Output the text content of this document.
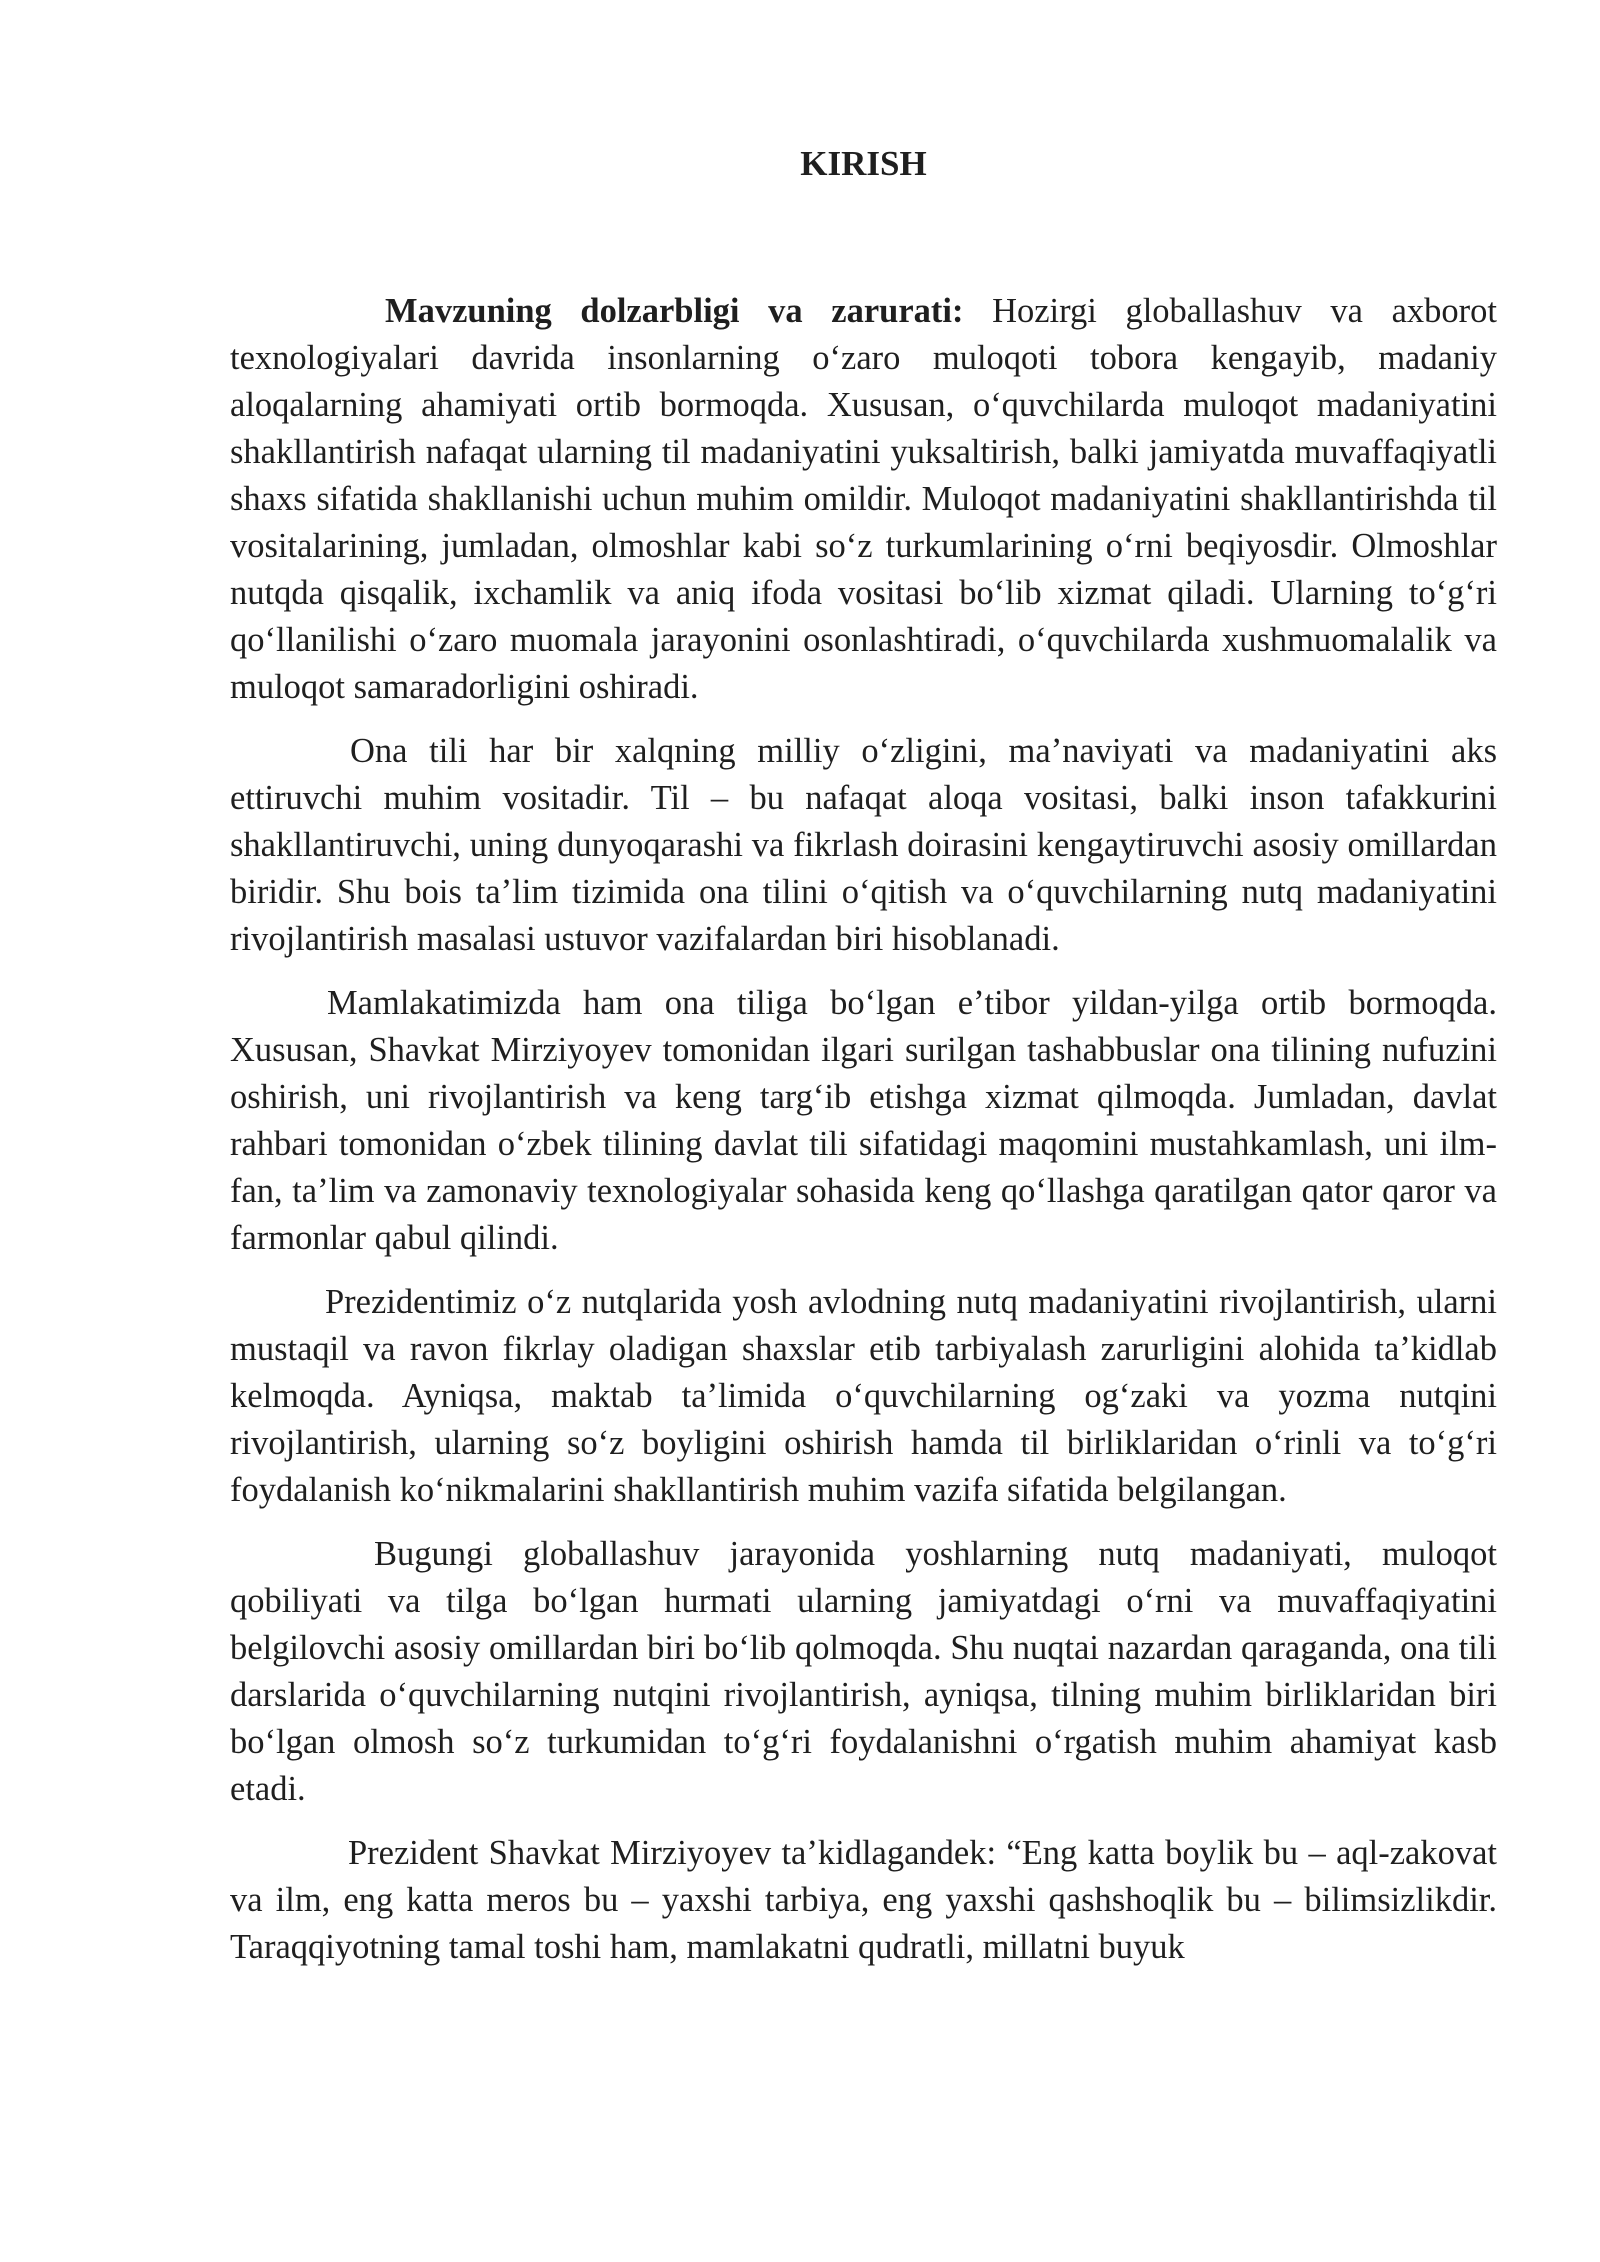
KIRISH

Mavzuning dolzarbligi va zarurati: Hozirgi globallashuv va axborot texnologiyalari davrida insonlarning oʻzaro muloqoti tobora kengayib, madaniy aloqalarning ahamiyati ortib bormoqda. Xususan, oʻquvchilarda muloqot madaniyatini shakllantirish nafaqat ularning til madaniyatini yuksaltirish, balki jamiyatda muvaffaqiyatli shaxs sifatida shakllanishi uchun muhim omildir. Muloqot madaniyatini shakllantirishda til vositalarining, jumladan, olmoshlar kabi soʻz turkumlarining oʻrni beqiyosdir. Olmoshlar nutqda qisqalik, ixchamlik va aniq ifoda vositasi boʻlib xizmat qiladi. Ularning toʻgʻri qoʻllanilishi oʻzaro muomala jarayonini osonlashtiradi, oʻquvchilarda xushmuomalalik va muloqot samaradorligini oshiradi.

Ona tili har bir xalqning milliy oʻzligini, maʼnaviyati va madaniyatini aks ettiruvchi muhim vositadir. Til – bu nafaqat aloqa vositasi, balki inson tafakkurini shakllantiruvchi, uning dunyoqarashi va fikrlash doirasini kengaytiruvchi asosiy omillardan biridir. Shu bois taʼlim tizimida ona tilini oʻqitish va oʻquvchilarning nutq madaniyatini rivojlantirish masalasi ustuvor vazifalardan biri hisoblanadi.

Mamlakatimizda ham ona tiliga boʻlgan eʼtibor yildan-yilga ortib bormoqda. Xususan, Shavkat Mirziyoyev tomonidan ilgari surilgan tashabbuslar ona tilining nufuzini oshirish, uni rivojlantirish va keng targʻib etishga xizmat qilmoqda. Jumladan, davlat rahbari tomonidan oʻzbek tilining davlat tili sifatidagi maqomini mustahkamlash, uni ilm-fan, taʼlim va zamonaviy texnologiyalar sohasida keng qoʻllashga qaratilgan qator qaror va farmonlar qabul qilindi.

Prezidentimiz oʻz nutqlarida yosh avlodning nutq madaniyatini rivojlantirish, ularni mustaqil va ravon fikrlay oladigan shaxslar etib tarbiyalash zarurligini alohida taʼkidlab kelmoqda. Ayniqsa, maktab taʼlimida oʻquvchilarning ogʻzaki va yozma nutqini rivojlantirish, ularning soʻz boyligini oshirish hamda til birliklaridan oʻrinli va toʻgʻri foydalanish koʻnikmalarini shakllantirish muhim vazifa sifatida belgilangan.

Bugungi globallashuv jarayonida yoshlarning nutq madaniyati, muloqot qobiliyati va tilga boʻlgan hurmati ularning jamiyatdagi oʻrni va muvaffaqiyatini belgilovchi asosiy omillardan biri boʻlib qolmoqda. Shu nuqtai nazardan qaraganda, ona tili darslarida oʻquvchilarning nutqini rivojlantirish, ayniqsa, tilning muhim birliklaridan biri boʻlgan olmosh soʻz turkumidan toʻgʻri foydalanishni oʻrgatish muhim ahamiyat kasb etadi.

Prezident Shavkat Mirziyoyev taʼkidlagandek: “Eng katta boylik bu – aql-zakovat va ilm, eng katta meros bu – yaxshi tarbiya, eng yaxshi qashshoqlik bu – bilimsizlikdir. Taraqqiyotning tamal toshi ham, mamlakatni qudratli, millatni buyuk
